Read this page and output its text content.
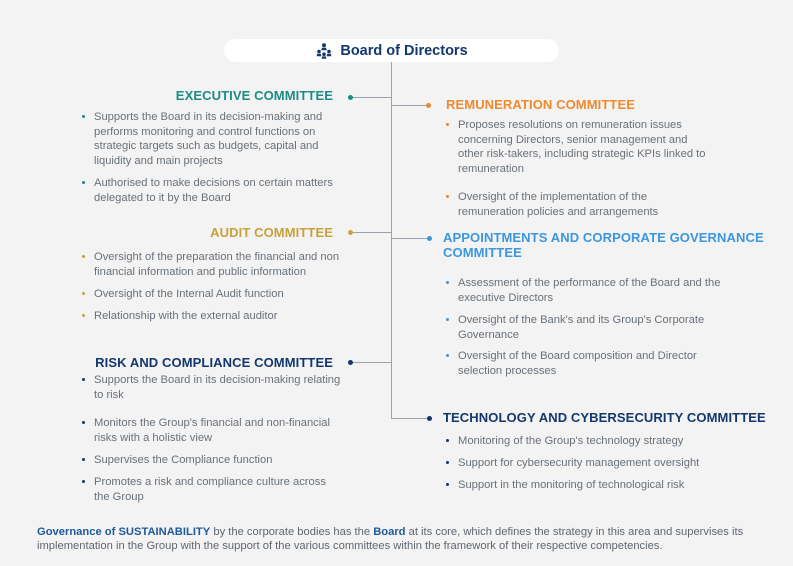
Board of Directors
EXECUTIVE COMMITTEE
Supports the Board in its decision-making and performs monitoring and control functions on strategic targets such as budgets, capital and liquidity and main projects
Authorised to make decisions on certain matters delegated to it by the Board
AUDIT COMMITTEE
Oversight of the preparation the financial and non financial information and public information
Oversight of the Internal Audit function
Relationship with the external auditor
RISK AND COMPLIANCE COMMITTEE
Supports the Board in its decision-making relating to risk
Monitors the Group's financial and non-financial risks with a holistic view
Supervises the Compliance function
Promotes a risk and compliance culture across the Group
REMUNERATION COMMITTEE
Proposes resolutions on remuneration issues concerning Directors, senior management and other risk-takers, including strategic KPIs linked to remuneration
Oversight of the implementation of the remuneration policies and arrangements
APPOINTMENTS AND CORPORATE GOVERNANCE COMMITTEE
Assessment of the performance of the Board and the executive Directors
Oversight of the Bank's and its Group's Corporate Governance
Oversight of the Board composition and Director selection processes
TECHNOLOGY AND CYBERSECURITY COMMITTEE
Monitoring of the Group's technology strategy
Support for cybersecurity management oversight
Support in the monitoring of technological risk
Governance of SUSTAINABILITY by the corporate bodies has the Board at its core, which defines the strategy in this area and supervises its implementation in the Group with the support of the various committees within the framework of their respective competencies.
